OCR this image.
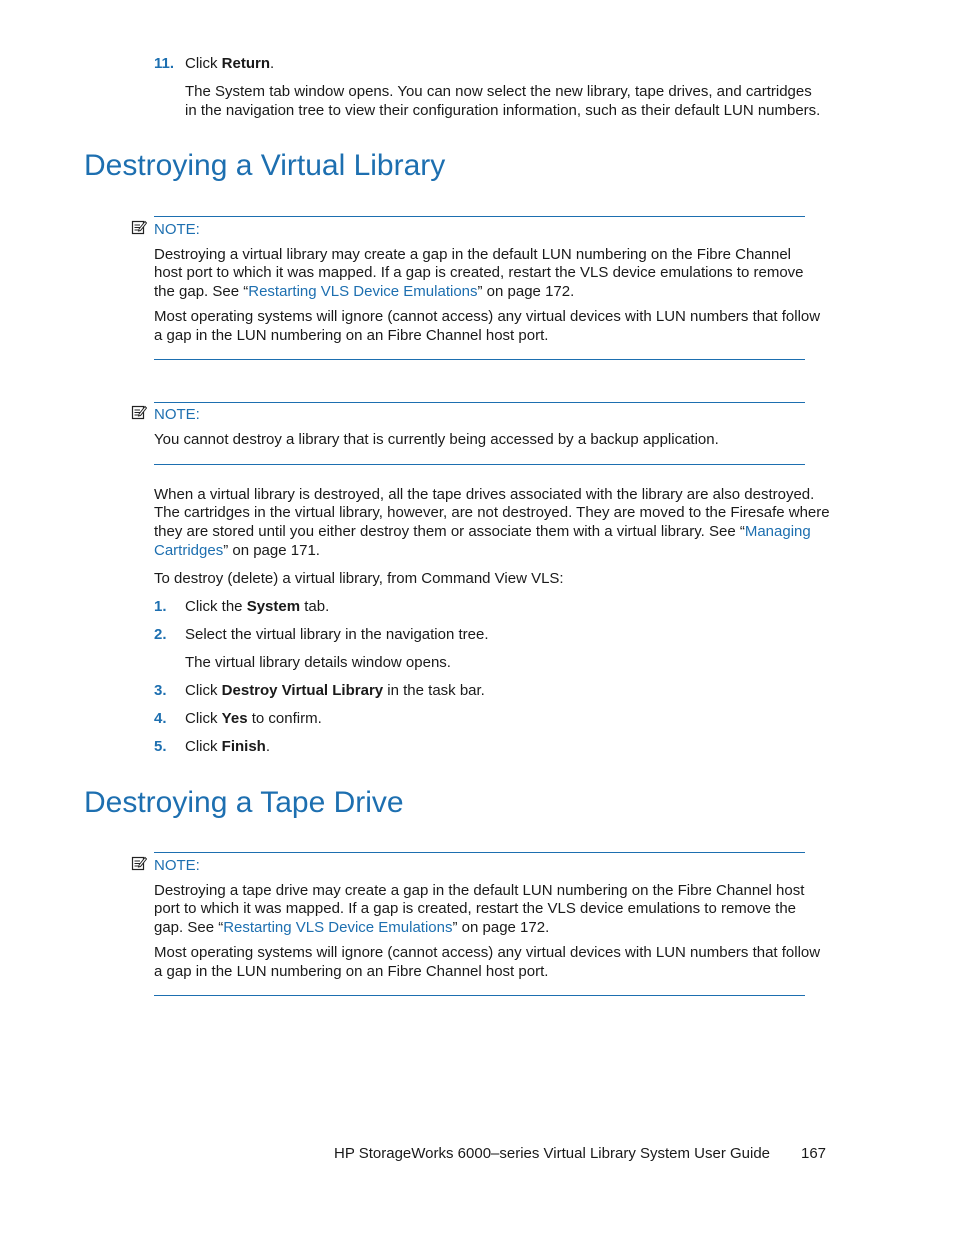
11. Click Return.
The System tab window opens. You can now select the new library, tape drives, and cartridges
in the navigation tree to view their configuration information, such as their default LUN numbers.
Destroying a Virtual Library
NOTE:
Destroying a virtual library may create a gap in the default LUN numbering on the Fibre Channel
host port to which it was mapped. If a gap is created, restart the VLS device emulations to remove
the gap. See “Restarting VLS Device Emulations” on page 172.
Most operating systems will ignore (cannot access) any virtual devices with LUN numbers that follow
a gap in the LUN numbering on an Fibre Channel host port.
NOTE:
You cannot destroy a library that is currently being accessed by a backup application.
When a virtual library is destroyed, all the tape drives associated with the library are also destroyed.
The cartridges in the virtual library, however, are not destroyed. They are moved to the Firesafe where
they are stored until you either destroy them or associate them with a virtual library. See “Managing
Cartridges” on page 171.
To destroy (delete) a virtual library, from Command View VLS:
1. Click the System tab.
2. Select the virtual library in the navigation tree.
The virtual library details window opens.
3. Click Destroy Virtual Library in the task bar.
4. Click Yes to confirm.
5. Click Finish.
Destroying a Tape Drive
NOTE:
Destroying a tape drive may create a gap in the default LUN numbering on the Fibre Channel host
port to which it was mapped. If a gap is created, restart the VLS device emulations to remove the
gap. See “Restarting VLS Device Emulations” on page 172.
Most operating systems will ignore (cannot access) any virtual devices with LUN numbers that follow
a gap in the LUN numbering on an Fibre Channel host port.
HP StorageWorks 6000–series Virtual Library System User Guide 167
